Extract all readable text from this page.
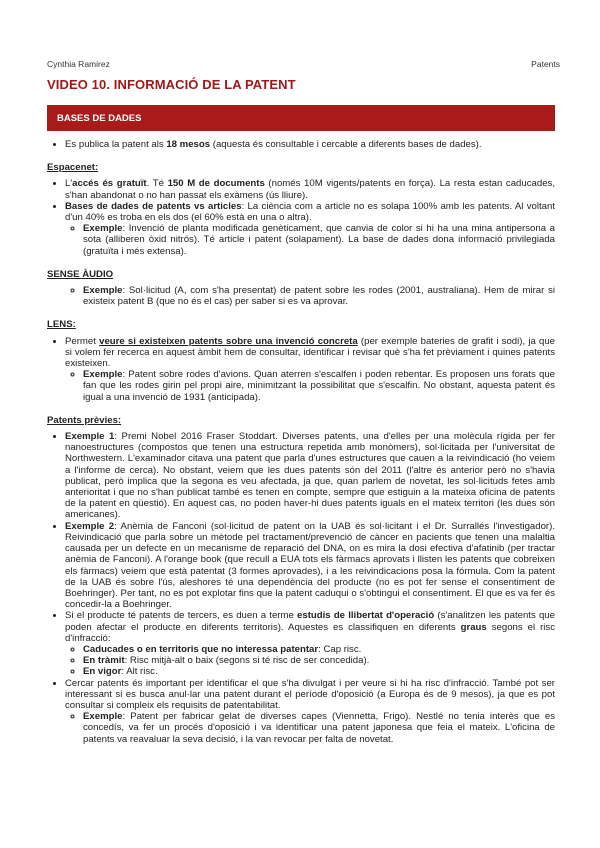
Cynthia Ramirez	Patents
VIDEO 10. INFORMACIÓ DE LA PATENT
BASES DE DADES
• Es publica la patent als 18 mesos (aquesta és consultable i cercable a diferents bases de dades).
Espacenet:
• L'accés és gratuït. Té 150 M de documents (només 10M vigents/patents en força). La resta estan caducades, s'han abandonat o no han passat els exàmens (ús lliure).
• Bases de dades de patents vs articles: La ciència com a article no es solapa 100% amb les patents. Al voltant d'un 40% es troba en els dos (el 60% està en una o altra).
◦ Exemple: Invenció de planta modificada genèticament, que canvia de color si hi ha una mina antipersona a sota (alliberen òxid nitrós). Té article i patent (solapament). La base de dades dona informació privilegiada (gratuïta i més extensa).
SENSE ÀUDIO
◦ Exemple: Sol·licitud (A, com s'ha presentat) de patent sobre les rodes (2001, australiana). Hem de mirar si existeix patent B (que no és el cas) per saber si es va aprovar.
LENS:
• Permet veure si existeixen patents sobre una invenció concreta (per exemple bateries de grafit i sodi), ja que si volem fer recerca en aquest àmbit hem de consultar, identificar i revisar què s'ha fet prèviament i quines patents existeixen.
◦ Exemple: Patent sobre rodes d'avions. Quan aterren s'escalfen i poden rebentar. Es proposen uns forats que fan que les rodes girin pel propi aire, minimitzant la possibilitat que s'escalfin. No obstant, aquesta patent és igual a una invenció de 1931 (anticipada).
Patents prèvies:
• Exemple 1: Premi Nobel 2016 Fraser Stoddart. Diverses patents, una d'elles per una molècula rígida per fer nanoestructures (compostos que tenen una estructura repetida amb monòmers), sol·licitada per l'universitat de Northwestern. L'examinador citava una patent que parla d'unes estructures que cauen a la reivindicació (ho veiem a l'informe de cerca). No obstant, veiem que les dues patents són del 2011 (l'altre és anterior però no s'havia publicat, però implica que la segona es veu afectada, ja que, quan parlem de novetat, les sol·licituds fetes amb anterioritat i que no s'han publicat també es tenen en compte, sempre que estiguin a la mateixa oficina de patents de la patent en qüestió). En aquest cas, no poden haver-hi dues patents iguals en el mateix territori (les dues són americanes).
• Exemple 2: Anèmia de Fanconi (sol·licitud de patent on la UAB és sol·licitant i el Dr. Surrallés l'investigador). Reivindicació que parla sobre un mètode pel tractament/prevenció de càncer en pacients que tenen una malaltia causada per un defecte en un mecanisme de reparació del DNA, on es mira la dosi efectiva d'afatinib (per tractar anèmia de Fanconi). A l'orange book (que recull a EUA tots els fàrmacs aprovats i llisten les patents que cobreixen els fàrmacs) veiem que està patentat (3 formes aprovades), i a les reivindicacions posa la fórmula. Com la patent de la UAB és sobre l'ús, aleshores té una dependència del producte (no es pot fer sense el consentiment de Boehringer). Per tant, no es pot explotar fins que la patent caduqui o s'obtingui el consentiment. El que es va fer és concedir-la a Boehringer.
• Si el producte té patents de tercers, es duen a terme estudis de llibertat d'operació (s'analitzen les patents que poden afectar el producte en diferents territoris). Aquestes es classifiquen en diferents graus segons el risc d'infracció:
◦ Caducades o en territoris que no interessa patentar: Cap risc.
◦ En tràmit: Risc mitjà-alt o baix (segons si té risc de ser concedida).
◦ En vigor: Alt risc.
• Cercar patents és important per identificar el que s'ha divulgat i per veure si hi ha risc d'infracció. També pot ser interessant si es busca anul·lar una patent durant el període d'oposició (a Europa és de 9 mesos), ja que es pot consultar si compleix els requisits de patentabilitat.
◦ Exemple: Patent per fabricar gelat de diverses capes (Viennetta, Frigo). Nestlé no tenia interès que es concedís, va fer un procés d'oposició i va identificar una patent japonesa que feia el mateix. L'oficina de patents va reavaluar la seva decisió, i la van revocar per falta de novetat.
